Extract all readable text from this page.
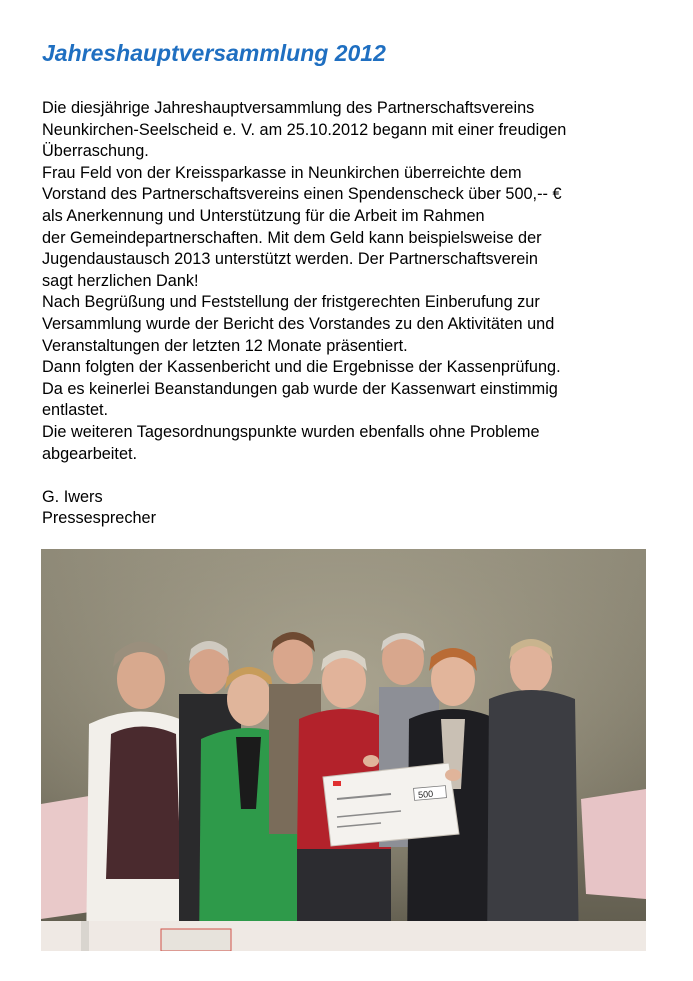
Jahreshauptversammlung 2012

Die diesjährige Jahreshauptversammlung des Partnerschaftsvereins

Neunkirchen-Seelscheid e. V. am 25.10.2012 begann mit einer freudigen

Überraschung.

Frau Feld von der Kreissparkasse in Neunkirchen überreichte dem

Vorstand des Partnerschaftsvereins einen Spendenscheck über 500,-- €

als Anerkennung und Unterstützung für die Arbeit im Rahmen

der Gemeindepartnerschaften. Mit dem Geld kann beispielsweise der

Jugendaustausch 2013 unterstützt werden. Der Partnerschaftsverein

sagt herzlichen Dank!

Nach Begrüßung und Feststellung der fristgerechten Einberufung zur

Versammlung wurde der Bericht des Vorstandes zu den Aktivitäten und

Veranstaltungen der letzten 12 Monate präsentiert.

Dann folgten der Kassenbericht und die Ergebnisse der Kassenprüfung.

Da es keinerlei Beanstandungen gab wurde der Kassenwart einstimmig

entlastet.

Die weiteren Tagesordnungspunkte wurden ebenfalls ohne Probleme

abgearbeitet.

G. Iwers

Pressesprecher

500
